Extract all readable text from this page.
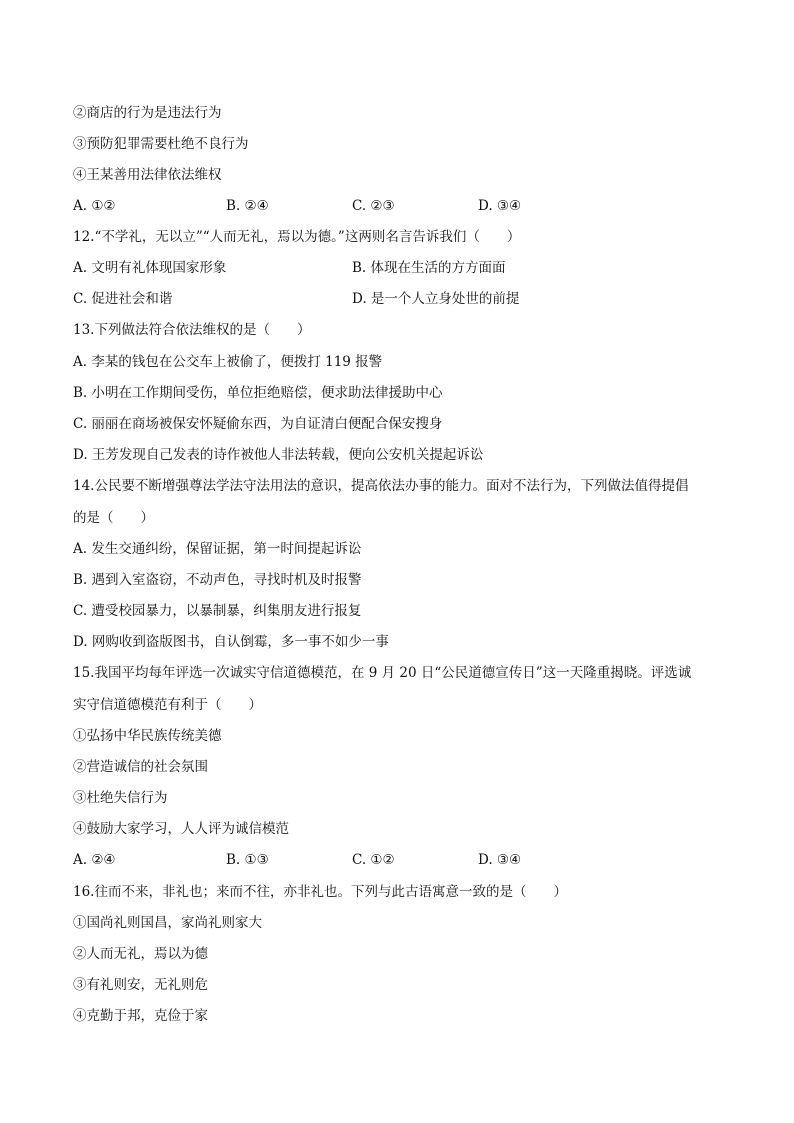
②商店的行为是违法行为
③预防犯罪需要杜绝不良行为
④王某善用法律依法维权
A. ①②	B. ②④	C. ②③	D. ③④
12.“不学礼，无以立”“人而无礼，焉以为德。”这两则名言告诉我们（　　）
A. 文明有礼体现国家形象	B. 体现在生活的方方面面
C. 促进社会和谐	D. 是一个人立身处世的前提
13.下列做法符合依法维权的是（　　）
A. 李某的钱包在公交车上被偷了，便拨打 119 报警
B. 小明在工作期间受伤，单位拒绝赔偿，便求助法律援助中心
C. 丽丽在商场被保安怀疑偷东西，为自证清白便配合保安搜身
D. 王芳发现自己发表的诗作被他人非法转载，便向公安机关提起诉讼
14.公民要不断增强尊法学法守法用法的意识，提高依法办事的能力。面对不法行为，下列做法值得提倡
的是（　　）
A. 发生交通纠纷，保留证据，第一时间提起诉讼
B. 遇到入室盗窃，不动声色，寻找时机及时报警
C. 遭受校园暴力，以暴制暴，纠集朋友进行报复
D. 网购收到盗版图书，自认倒霉，多一事不如少一事
15.我国平均每年评选一次诚实守信道德模范，在 9 月 20 日“公民道德宣传日”这一天隆重揭晓。评选诚
实守信道德模范有利于（　　）
①弘扬中华民族传统美德
②营造诚信的社会氛围
③杜绝失信行为
④鼓励大家学习，人人评为诚信模范
A. ②④	B. ①③	C. ①②	D. ③④
16.往而不来，非礼也；来而不往，亦非礼也。下列与此古语寓意一致的是（　　）
①国尚礼则国昌，家尚礼则家大
②人而无礼，焉以为德
③有礼则安，无礼则危
④克勤于邦，克俭于家
